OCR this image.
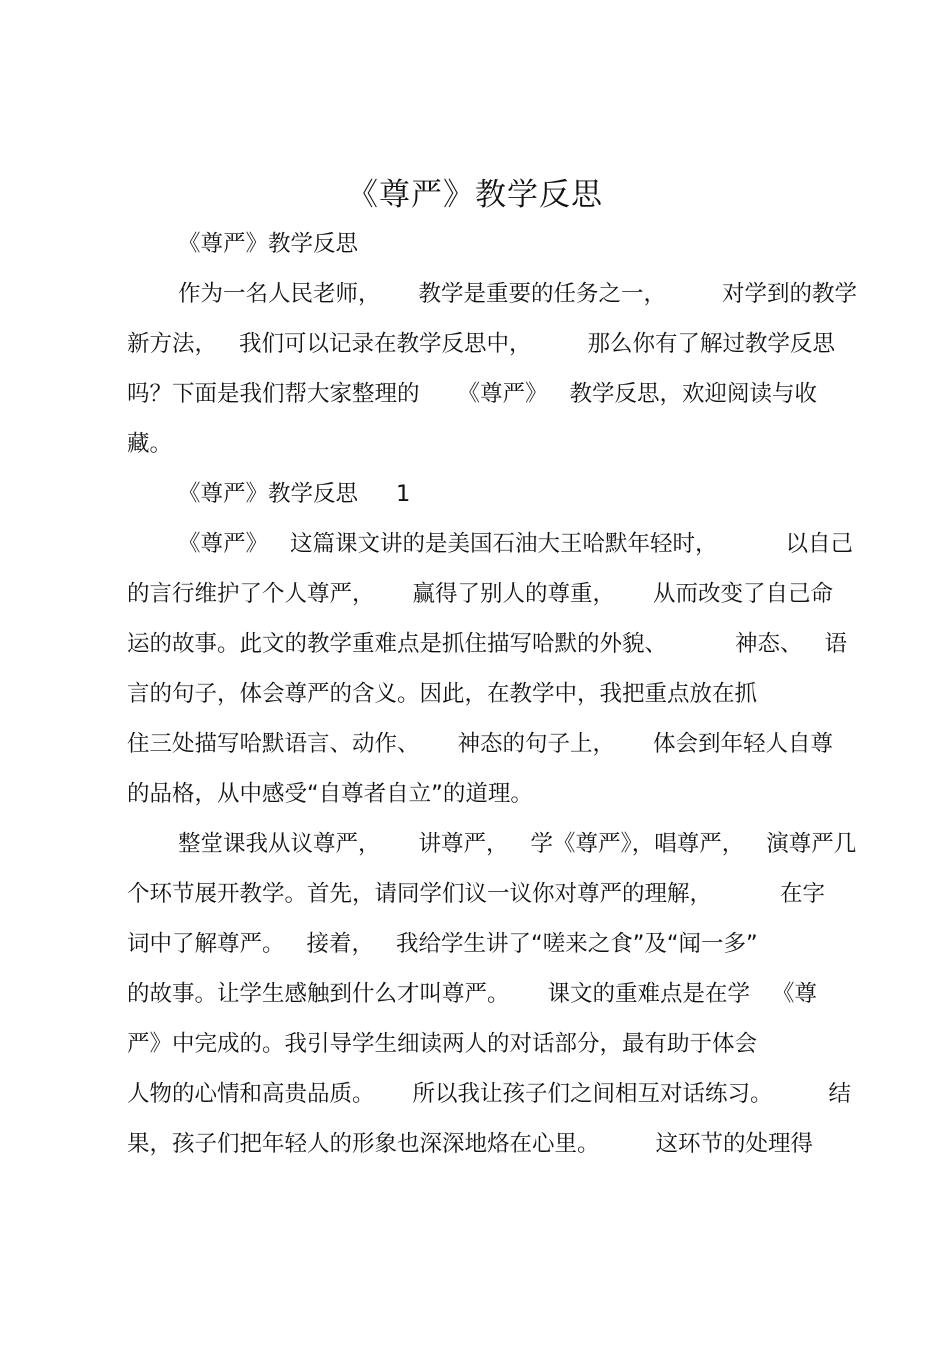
《尊严》教学反思
《尊严》教学反思
作为一名人民老师， 教学是重要的任务之一， 对学到的教学
新方法， 我们可以记录在教学反思中， 那么你有了解过教学反思
吗？下面是我们帮大家整理的 《尊严》 教学反思，欢迎阅读与收
藏。
《尊严》教学反思 1
《尊严》 这篇课文讲的是美国石油大王哈默年轻时，	以自己
的言行维护了个人尊严， 赢得了别人的尊重， 从而改变了自己命
运的故事。此文的教学重难点是抓住描写哈默的外貌、	神态、 语
言的句子，体会尊严的含义。因此，在教学中，我把重点放在抓
住三处描写哈默语言、动作、 神态的句子上， 体会到年轻人自尊
的品格，从中感受“自尊者自立”的道理。
整堂课我从议尊严， 讲尊严， 学《尊严》，唱尊严， 演尊严几
个环节展开教学。首先，请同学们议一议你对尊严的理解，	在字
词中了解尊严。 接着， 我给学生讲了“嗟来之食”及“闻一多”
的故事。让学生感触到什么才叫尊严。 课文的重难点是在学 《尊
严》中完成的。我引导学生细读两人的对话部分，最有助于体会
人物的心情和高贵品质。 所以我让孩子们之间相互对话练习。 结
果，孩子们把年轻人的形象也深深地烙在心里。 这环节的处理得
